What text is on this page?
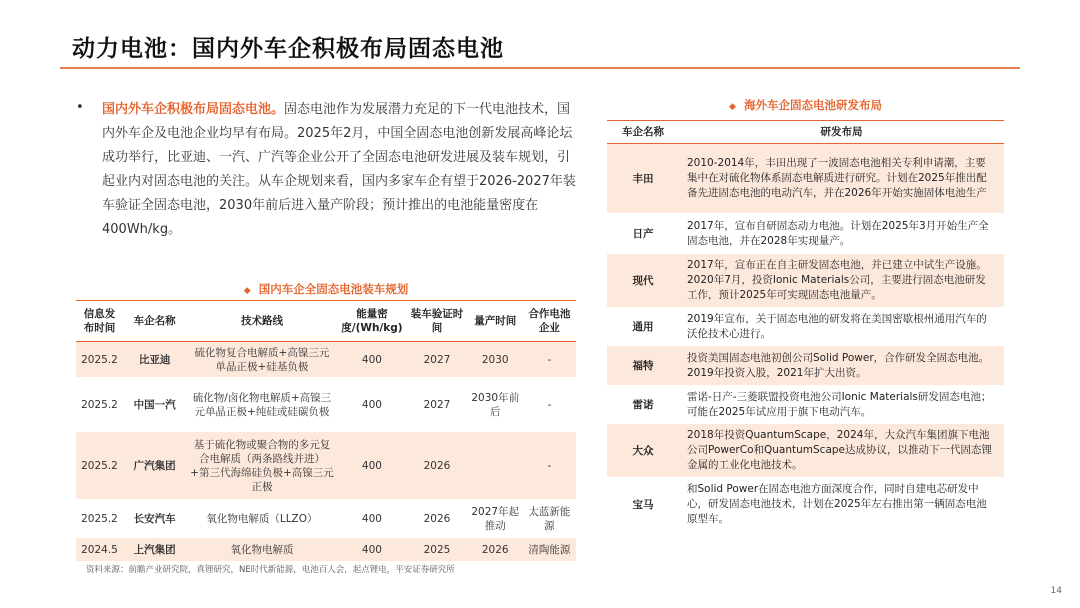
动力电池：国内外车企积极布局固态电池
• 国内外车企积极布局固态电池。固态电池作为发展潜力充足的下一代电池技术，国内外车企及电池企业均早有布局。2025年2月，中国全固态电池创新发展高峰论坛成功举行，比亚迪、一汽、广汽等企业公开了全固态电池研发进展及装车规划，引起业内对固态电池的关注。从车企规划来看，国内多家车企有望于2026-2027年装车验证全固态电池，2030年前后进入量产阶段；预计推出的电池能量密度在400Wh/kg。
◆ 国内车企全固态电池装车规划
信息发布时间	车企名称	技术路线	能量密度/(Wh/kg)	装车验证时间	量产时间	合作电池企业
2025.2	比亚迪	硫化物复合电解质+高镍三元单晶正极+硅基负极	400	2027	2030	-
2025.2	中国一汽	硫化物/卤化物电解质+高镍三元单晶正极+纯硅或硅碳负极	400	2027	2030年前后	-
2025.2	广汽集团	基于硫化物或聚合物的多元复合电解质（两条路线并进）+第三代海绵硅负极+高镍三元正极	400	2026		-
2025.2	长安汽车	氧化物电解质（LLZO）	400	2026	2027年起推动	太蓝新能源
2024.5	上汽集团	氧化物电解质	400	2025	2026	清陶能源
资料来源：前瞻产业研究院，真锂研究，NE时代新能源，电池百人会，起点锂电，平安证券研究所
◆ 海外车企固态电池研发布局
车企名称	研发布局
丰田	2010-2014年，丰田出现了一波固态电池相关专利申请潮，主要集中在对硫化物体系固态电解质进行研究。计划在2025年推出配备先进固态电池的电动汽车，并在2026年开始实施固体电池生产
日产	2017年，宣布自研固态动力电池。计划在2025年3月开始生产全固态电池，并在2028年实现量产。
现代	2017年，宣布正在自主研发固态电池，并已建立中试生产设施。2020年7月，投资Ionic Materials公司，主要进行固态电池研发工作，预计2025年可实现固态电池量产。
通用	2019年宣布，关于固态电池的研发将在美国密歇根州通用汽车的沃伦技术心进行。
福特	投资美国固态电池初创公司Solid Power，合作研发全固态电池。2019年投资入股，2021年扩大出资。
雷诺	雷诺-日产-三菱联盟投资电池公司Ionic Materials研发固态电池；可能在2025年试应用于旗下电动汽车。
大众	2018年投资QuantumScape，2024年，大众汽车集团旗下电池公司PowerCo和QuantumScape达成协议，以推动下一代固态锂金属的工业化电池技术。
宝马	和Solid Power在固态电池方面深度合作，同时自建电芯研发中心，研发固态电池技术，计划在2025年左右推出第一辆固态电池原型车。
14
